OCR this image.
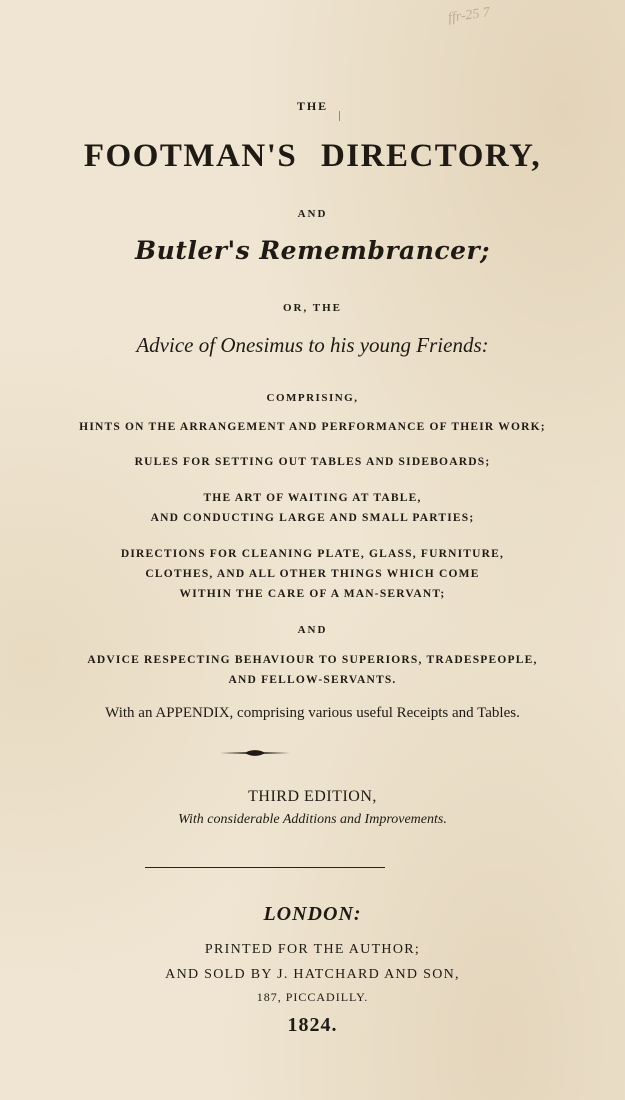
ffr-25 7
THE
FOOTMAN'S DIRECTORY,
AND
Butler's Remembrancer;
OR, THE
Advice of Onesimus to his young Friends:
COMPRISING,
HINTS ON THE ARRANGEMENT AND PERFORMANCE OF THEIR WORK;
RULES FOR SETTING OUT TABLES AND SIDEBOARDS;
THE ART OF WAITING AT TABLE,
AND CONDUCTING LARGE AND SMALL PARTIES;
DIRECTIONS FOR CLEANING PLATE, GLASS, FURNITURE,
CLOTHES, AND ALL OTHER THINGS WHICH COME
WITHIN THE CARE OF A MAN-SERVANT;
AND
ADVICE RESPECTING BEHAVIOUR TO SUPERIORS, TRADESPEOPLE,
AND FELLOW-SERVANTS.
With an APPENDIX, comprising various useful Receipts and Tables.
THIRD EDITION,
With considerable Additions and Improvements.
LONDON:
PRINTED FOR THE AUTHOR;
AND SOLD BY J. HATCHARD AND SON,
187, PICCADILLY.
1824.
